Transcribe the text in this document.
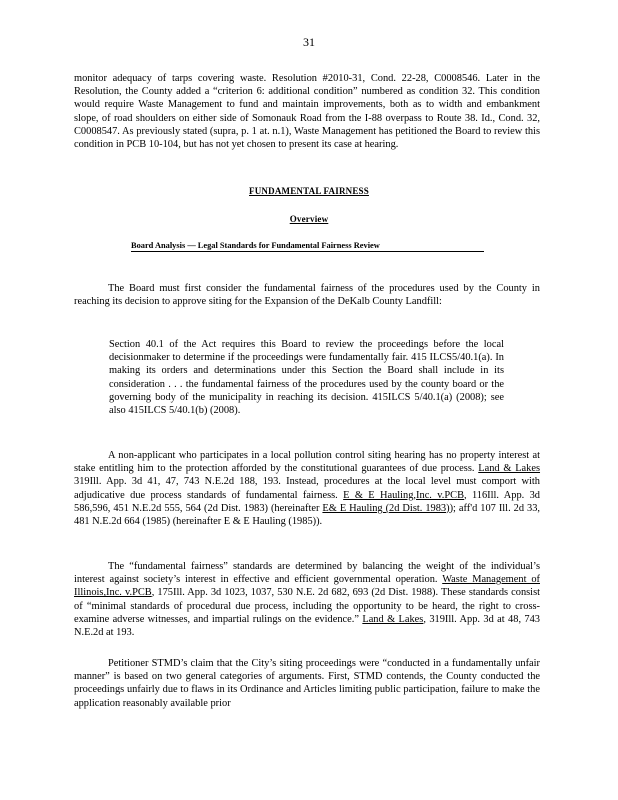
31

monitor adequacy of tarps covering waste. Resolution #2010-31, Cond. 22-28, C0008546. Later in the Resolution, the County added a “criterion 6: additional condition” numbered as condition 32. This condition would require Waste Management to fund and maintain improvements, both as to width and embankment slope, of road shoulders on either side of Somonauk Road from the I-88 overpass to Route 38. Id., Cond. 32, C0008547. As previously stated (supra, p. 1 at. n.1), Waste Management has petitioned the Board to review this condition in PCB 10-104, but has not yet chosen to present its case at hearing.

FUNDAMENTAL FAIRNESS
Overview
Board Analysis — Legal Standards for Fundamental Fairness Review

The Board must first consider the fundamental fairness of the procedures used by the County in reaching its decision to approve siting for the Expansion of the DeKalb County Landfill:

Section 40.1 of the Act requires this Board to review the proceedings before the local decisionmaker to determine if the proceedings were fundamentally fair. 415 ILCS5/40.1(a). In making its orders and determinations under this Section the Board shall include in its consideration . . . the fundamental fairness of the procedures used by the county board or the governing body of the municipality in reaching its decision. 415ILCS 5/40.1(a) (2008); see also 415ILCS 5/40.1(b) (2008).

A non-applicant who participates in a local pollution control siting hearing has no property interest at stake entitling him to the protection afforded by the constitutional guarantees of due process. Land & Lakes 319Ill. App. 3d 41, 47, 743 N.E.2d 188, 193. Instead, procedures at the local level must comport with adjudicative due process standards of fundamental fairness. E & E Hauling,Inc. v.PCB, 116Ill. App. 3d 586,596, 451 N.E.2d 555, 564 (2d Dist. 1983) (hereinafter E& E Hauling (2d Dist. 1983)); aff'd 107 Ill. 2d 33, 481 N.E.2d 664 (1985) (hereinafter E & E Hauling (1985)).

The “fundamental fairness” standards are determined by balancing the weight of the individual’s interest against society’s interest in effective and efficient governmental operation. Waste Management of Illinois,Inc. v.PCB, 175Ill. App. 3d 1023, 1037, 530 N.E. 2d 682, 693 (2d Dist. 1988). These standards consist of “minimal standards of procedural due process, including the opportunity to be heard, the right to cross-examine adverse witnesses, and impartial rulings on the evidence.” Land & Lakes, 319Ill. App. 3d at 48, 743 N.E.2d at 193.

Petitioner STMD’s claim that the City’s siting proceedings were “conducted in a fundamentally unfair manner” is based on two general categories of arguments. First, STMD contends, the County conducted the proceedings unfairly due to flaws in its Ordinance and Articles limiting public participation, failure to make the application reasonably available prior
